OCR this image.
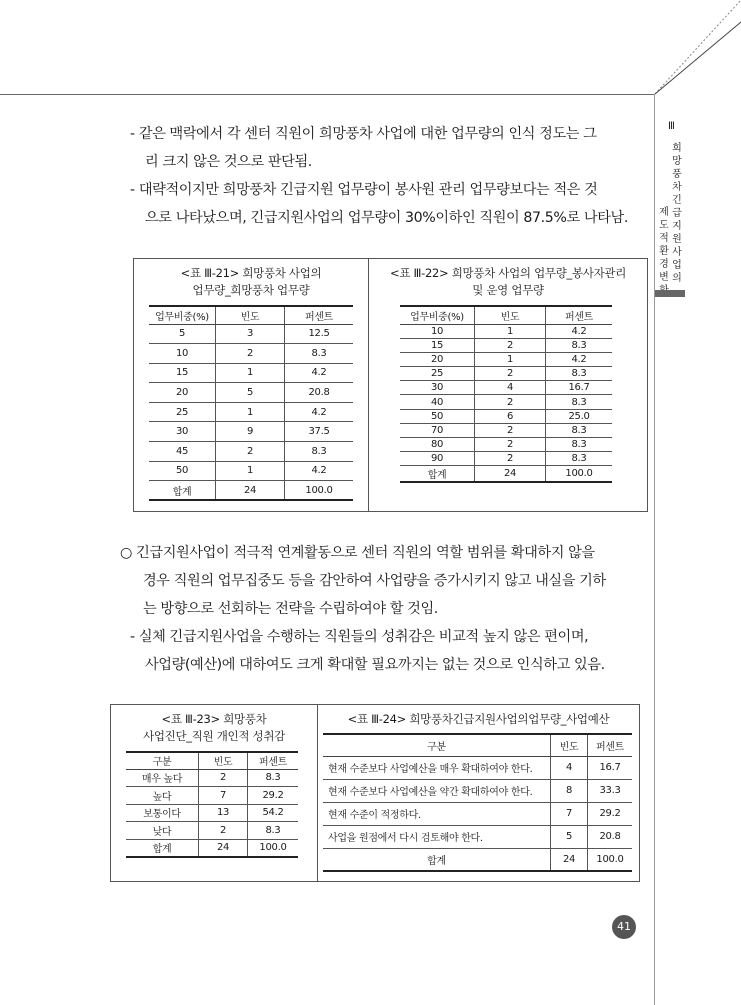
Ⅲ
희
망
풍
차
긴
급
지
원
사
업
의
제
도
적
환
경
변

- 같은 맥락에서 각 센터 직원이 희망풍차 사업에 대한 업무량의 인식 정도는 그
리 크지 않은 것으로 판단됨.
- 대략적이지만 희망풍차 긴급지원 업무량이 봉사원 관리 업무량보다는 적은 것
으로 나타났으며, 긴급지원사업의 업무량이 30%이하인 직원이 87.5%로 나타남.
<표 Ⅲ-21> 희망풍차 사업의
업무량_희망풍차 업무량
업무비중(%)	빈도	퍼센트
5	3	12.5
10	2	8.3
15	1	4.2
20	5	20.8
25	1	4.2
30	9	37.5
45	2	8.3
50	1	4.2
합계	24	100.0
<표 Ⅲ-22> 희망풍차 사업의 업무량_봉사자관리
및 운영 업무량
업무비중(%)	빈도	퍼센트
10	1	4.2
15	2	8.3
20	1	4.2
25	2	8.3
30	4	16.7
40	2	8.3
50	6	25.0
70	2	8.3
80	2	8.3
90	2	8.3
합계	24	100.0
○ 긴급지원사업이 적극적 연계활동으로 센터 직원의 역할 범위를 확대하지 않을
경우 직원의 업무집중도 등을 감안하여 사업량을 증가시키지 않고 내실을 기하
는 방향으로 선회하는 전략을 수립하여야 할 것임.
- 실체 긴급지원사업을 수행하는 직원들의 성취감은 비교적 높지 않은 편이며,
사업량(예산)에 대하여도 크게 확대할 필요까지는 없는 것으로 인식하고 있음.
<표 Ⅲ-23> 희망풍차
사업진단_직원 개인적 성취감
구분	빈도	퍼센트
매우 높다	2	8.3
높다	7	29.2
보통이다	13	54.2
낮다	2	8.3
합계	24	100.0
<표 Ⅲ-24> 희망풍차긴급지원사업의업무량_사업예산
구분	빈도	퍼센트
현재 수준보다 사업예산을 매우 확대하여야 한다.	4	16.7
현재 수준보다 사업예산을 약간 확대하여야 한다.	8	33.3
현재 수준이 적정하다.	7	29.2
사업을 원점에서 다시 검토해야 한다.	5	20.8
합계	24	100.0
41
